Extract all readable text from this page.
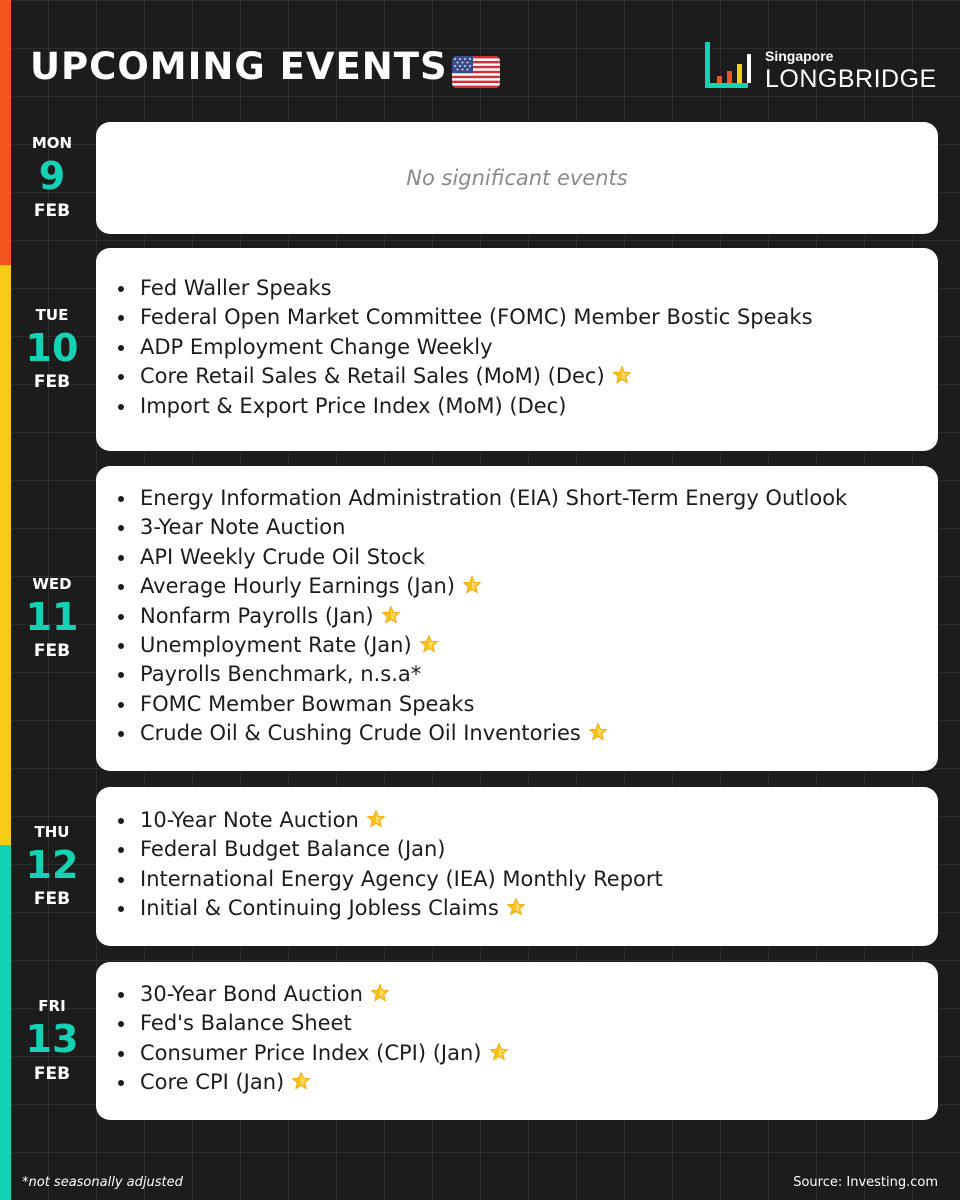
UPCOMING EVENTS	Singapore
LONGBRIDGE
MON
9
FEB
No significant events
TUE
10
FEB
Fed Waller Speaks
Federal Open Market Committee (FOMC) Member Bostic Speaks
ADP Employment Change Weekly
Core Retail Sales & Retail Sales (MoM) (Dec)
Import & Export Price Index (MoM) (Dec)
WED
11
FEB
Energy Information Administration (EIA) Short-Term Energy Outlook
3-Year Note Auction
API Weekly Crude Oil Stock
Average Hourly Earnings (Jan)
Nonfarm Payrolls (Jan)
Unemployment Rate (Jan)
Payrolls Benchmark, n.s.a*
FOMC Member Bowman Speaks
Crude Oil & Cushing Crude Oil Inventories
THU
12
FEB
10-Year Note Auction
Federal Budget Balance (Jan)
International Energy Agency (IEA) Monthly Report
Initial & Continuing Jobless Claims
FRI
13
FEB
30-Year Bond Auction
Fed's Balance Sheet
Consumer Price Index (CPI) (Jan)
Core CPI (Jan)
*not seasonally adjusted	Source: Investing.com
